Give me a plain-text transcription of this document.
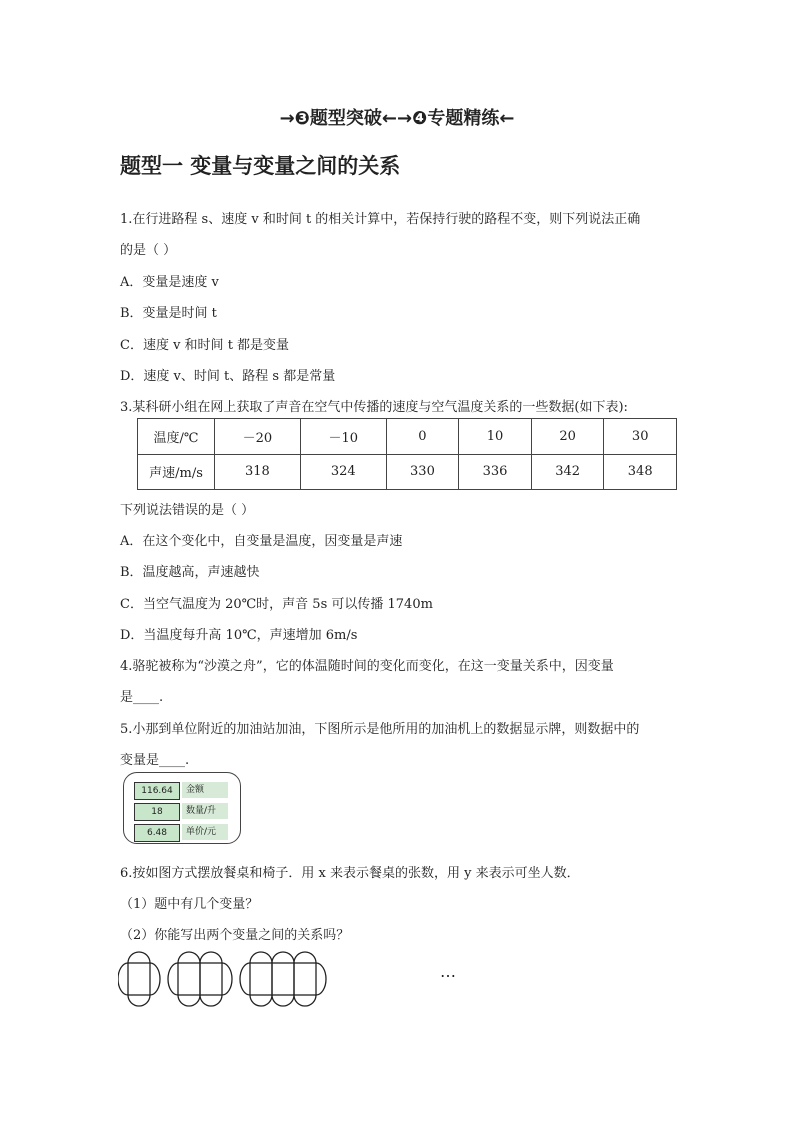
→❸题型突破←→❹专题精练←
题型一 变量与变量之间的关系
1.在行进路程 s、速度 v 和时间 t 的相关计算中，若保持行驶的路程不变，则下列说法正确
的是（ ）
A．变量是速度 v
B．变量是时间 t
C．速度 v 和时间 t 都是变量
D．速度 v、时间 t、路程 s 都是常量
3.某科研小组在网上获取了声音在空气中传播的速度与空气温度关系的一些数据(如下表):
温度/℃	－20	－10	0	10	20	30
声速/m/s	318	324	330	336	342	348
下列说法错误的是（ ）
A．在这个变化中，自变量是温度，因变量是声速
B．温度越高，声速越快
C．当空气温度为 20℃时，声音 5s 可以传播 1740m
D．当温度每升高 10℃，声速增加 6m/s
4.骆驼被称为“沙漠之舟”，它的体温随时间的变化而变化，在这一变量关系中，因变量
是____.
5.小那到单位附近的加油站加油，下图所示是他所用的加油机上的数据显示牌，则数据中的
变量是____.
116.64	金额
18	数量/升
6.48	单价/元
6.按如图方式摆放餐桌和椅子．用 x 来表示餐桌的张数，用 y 来表示可坐人数．
（1）题中有几个变量？
（2）你能写出两个变量之间的关系吗？
…
